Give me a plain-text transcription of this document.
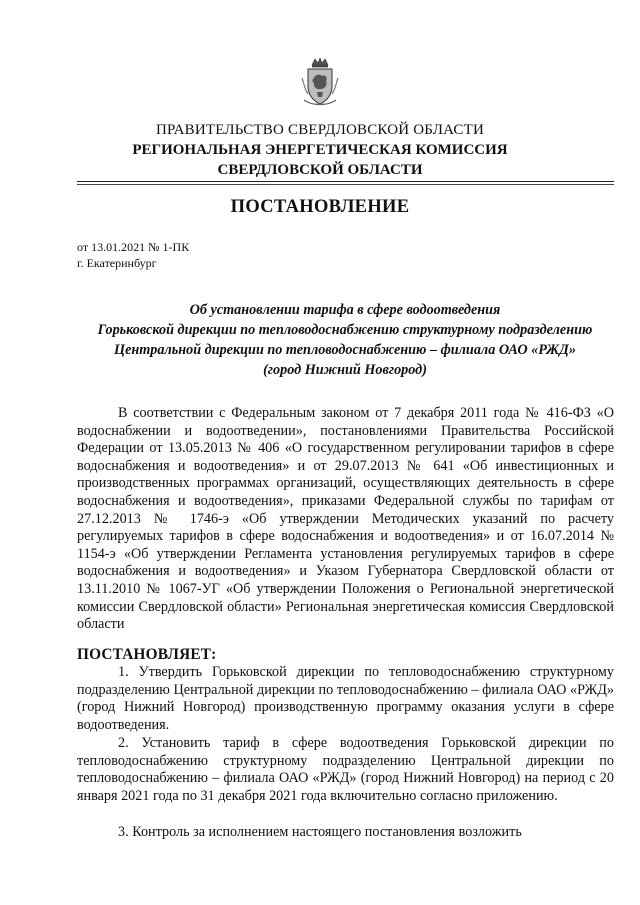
ПРАВИТЕЛЬСТВО СВЕРДЛОВСКОЙ ОБЛАСТИ
РЕГИОНАЛЬНАЯ ЭНЕРГЕТИЧЕСКАЯ КОМИССИЯ
СВЕРДЛОВСКОЙ ОБЛАСТИ
ПОСТАНОВЛЕНИЕ
от 13.01.2021 № 1-ПК
г. Екатеринбург
Об установлении тарифа в сфере водоотведения
Горьковской дирекции по тепловодоснабжению структурному подразделению
Центральной дирекции по тепловодоснабжению – филиала ОАО «РЖД»
(город Нижний Новгород)
В соответствии с Федеральным законом от 7 декабря 2011 года № 416-ФЗ «О водоснабжении и водоотведении», постановлениями Правительства Российской Федерации от 13.05.2013 № 406 «О государственном регулировании тарифов в сфере водоснабжения и водоотведения» и от 29.07.2013 № 641 «Об инвестиционных и производственных программах организаций, осуществляющих деятельность в сфере водоснабжения и водоотведения», приказами Федеральной службы по тарифам от 27.12.2013 № 1746-э «Об утверждении Методических указаний по расчету регулируемых тарифов в сфере водоснабжения и водоотведения» и от 16.07.2014 № 1154-э «Об утверждении Регламента установления регулируемых тарифов в сфере водоснабжения и водоотведения» и Указом Губернатора Свердловской области от 13.11.2010 № 1067-УГ «Об утверждении Положения о Региональной энергетической комиссии Свердловской области» Региональная энергетическая комиссия Свердловской области
ПОСТАНОВЛЯЕТ:
1. Утвердить Горьковской дирекции по тепловодоснабжению структурному подразделению Центральной дирекции по тепловодоснабжению – филиала ОАО «РЖД» (город Нижний Новгород) производственную программу оказания услуги в сфере водоотведения.
2. Установить тариф в сфере водоотведения Горьковской дирекции по тепловодоснабжению структурному подразделению Центральной дирекции по тепловодоснабжению – филиала ОАО «РЖД» (город Нижний Новгород) на период с 20 января 2021 года по 31 декабря 2021 года включительно согласно приложению.
3. Контроль за исполнением настоящего постановления возложить
